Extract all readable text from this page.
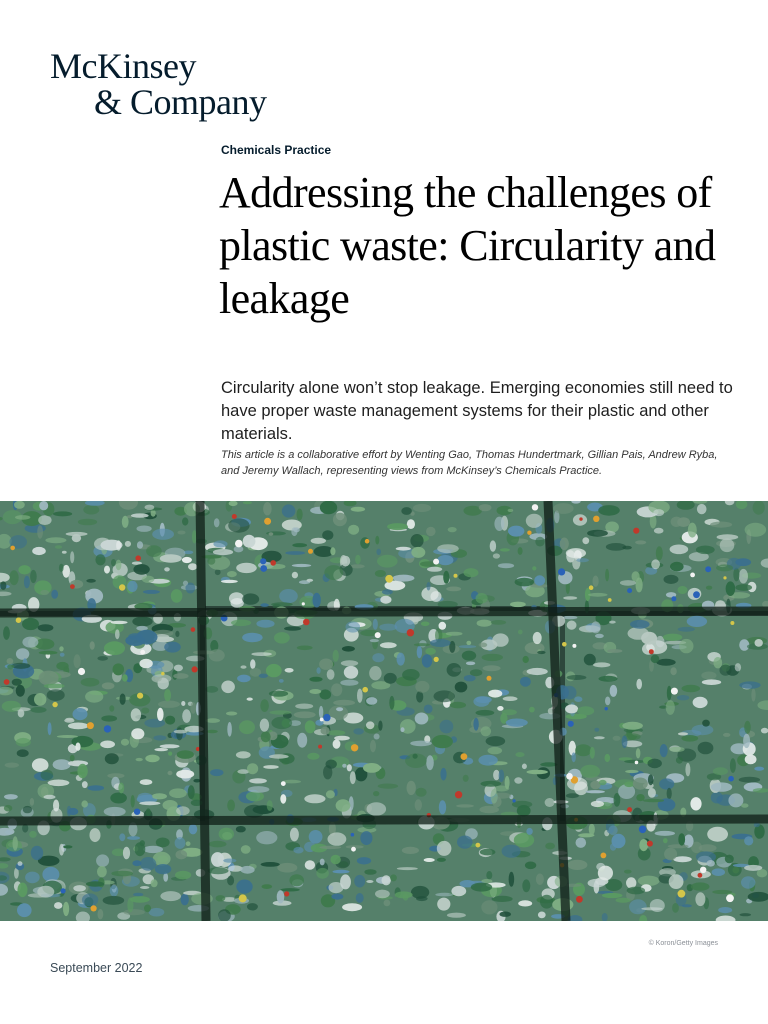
McKinsey
& Company
Chemicals Practice
Addressing the challenges of plastic waste: Circularity and leakage

Circularity alone won’t stop leakage. Emerging economies still need to have proper waste management systems for their plastic and other materials.

This article is a collaborative effort by Wenting Gao, Thomas Hundertmark, Gillian Pais, Andrew Ryba, and Jeremy Wallach, representing views from McKinsey’s Chemicals Practice.

© Koron/Getty Images
September 2022
